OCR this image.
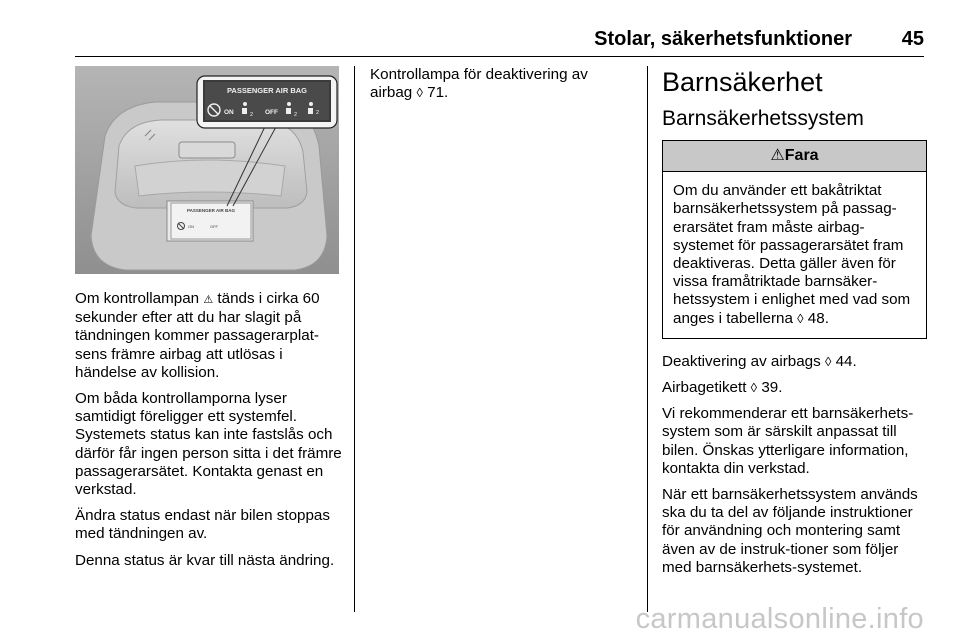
Stolar, säkerhetsfunktioner 45
PASSENGER AIR BAG
ON	2 OFF	2	2
PASSENGER AIR BAG
ON	OFF

Om kontrollampan ⚠ tänds i cirka 60 sekunder efter att du har slagit på tändningen kommer passagerarplat-sens främre airbag att utlösas i händelse av kollision.

Om båda kontrollamporna lyser samtidigt föreligger ett systemfel. Systemets status kan inte fastslås och därför får ingen person sitta i det främre passagerarsätet. Kontakta genast en verkstad.

Ändra status endast när bilen stoppas med tändningen av.

Denna status är kvar till nästa ändring.

Kontrollampa för deaktivering av airbag ◊ 71.	Barnsäkerhet
Barnsäkerhetssystem
⚠Fara
Om du använder ett bakåtriktat barnsäkerhetssystem på passag-erarsätet fram måste airbag-systemet för passagerarsätet fram deaktiveras. Detta gäller även för vissa framåtriktade barnsäker-hetssystem i enlighet med vad som anges i tabellerna ◊ 48.

Deaktivering av airbags ◊ 44.

Airbagetikett ◊ 39.

Vi rekommenderar ett barnsäkerhets-system som är särskilt anpassat till bilen. Önskas ytterligare information, kontakta din verkstad.

När ett barnsäkerhetssystem används ska du ta del av följande instruktioner för användning och montering samt även av de instruk-tioner som följer med barnsäkerhets-systemet.

carmanualsonline.info
